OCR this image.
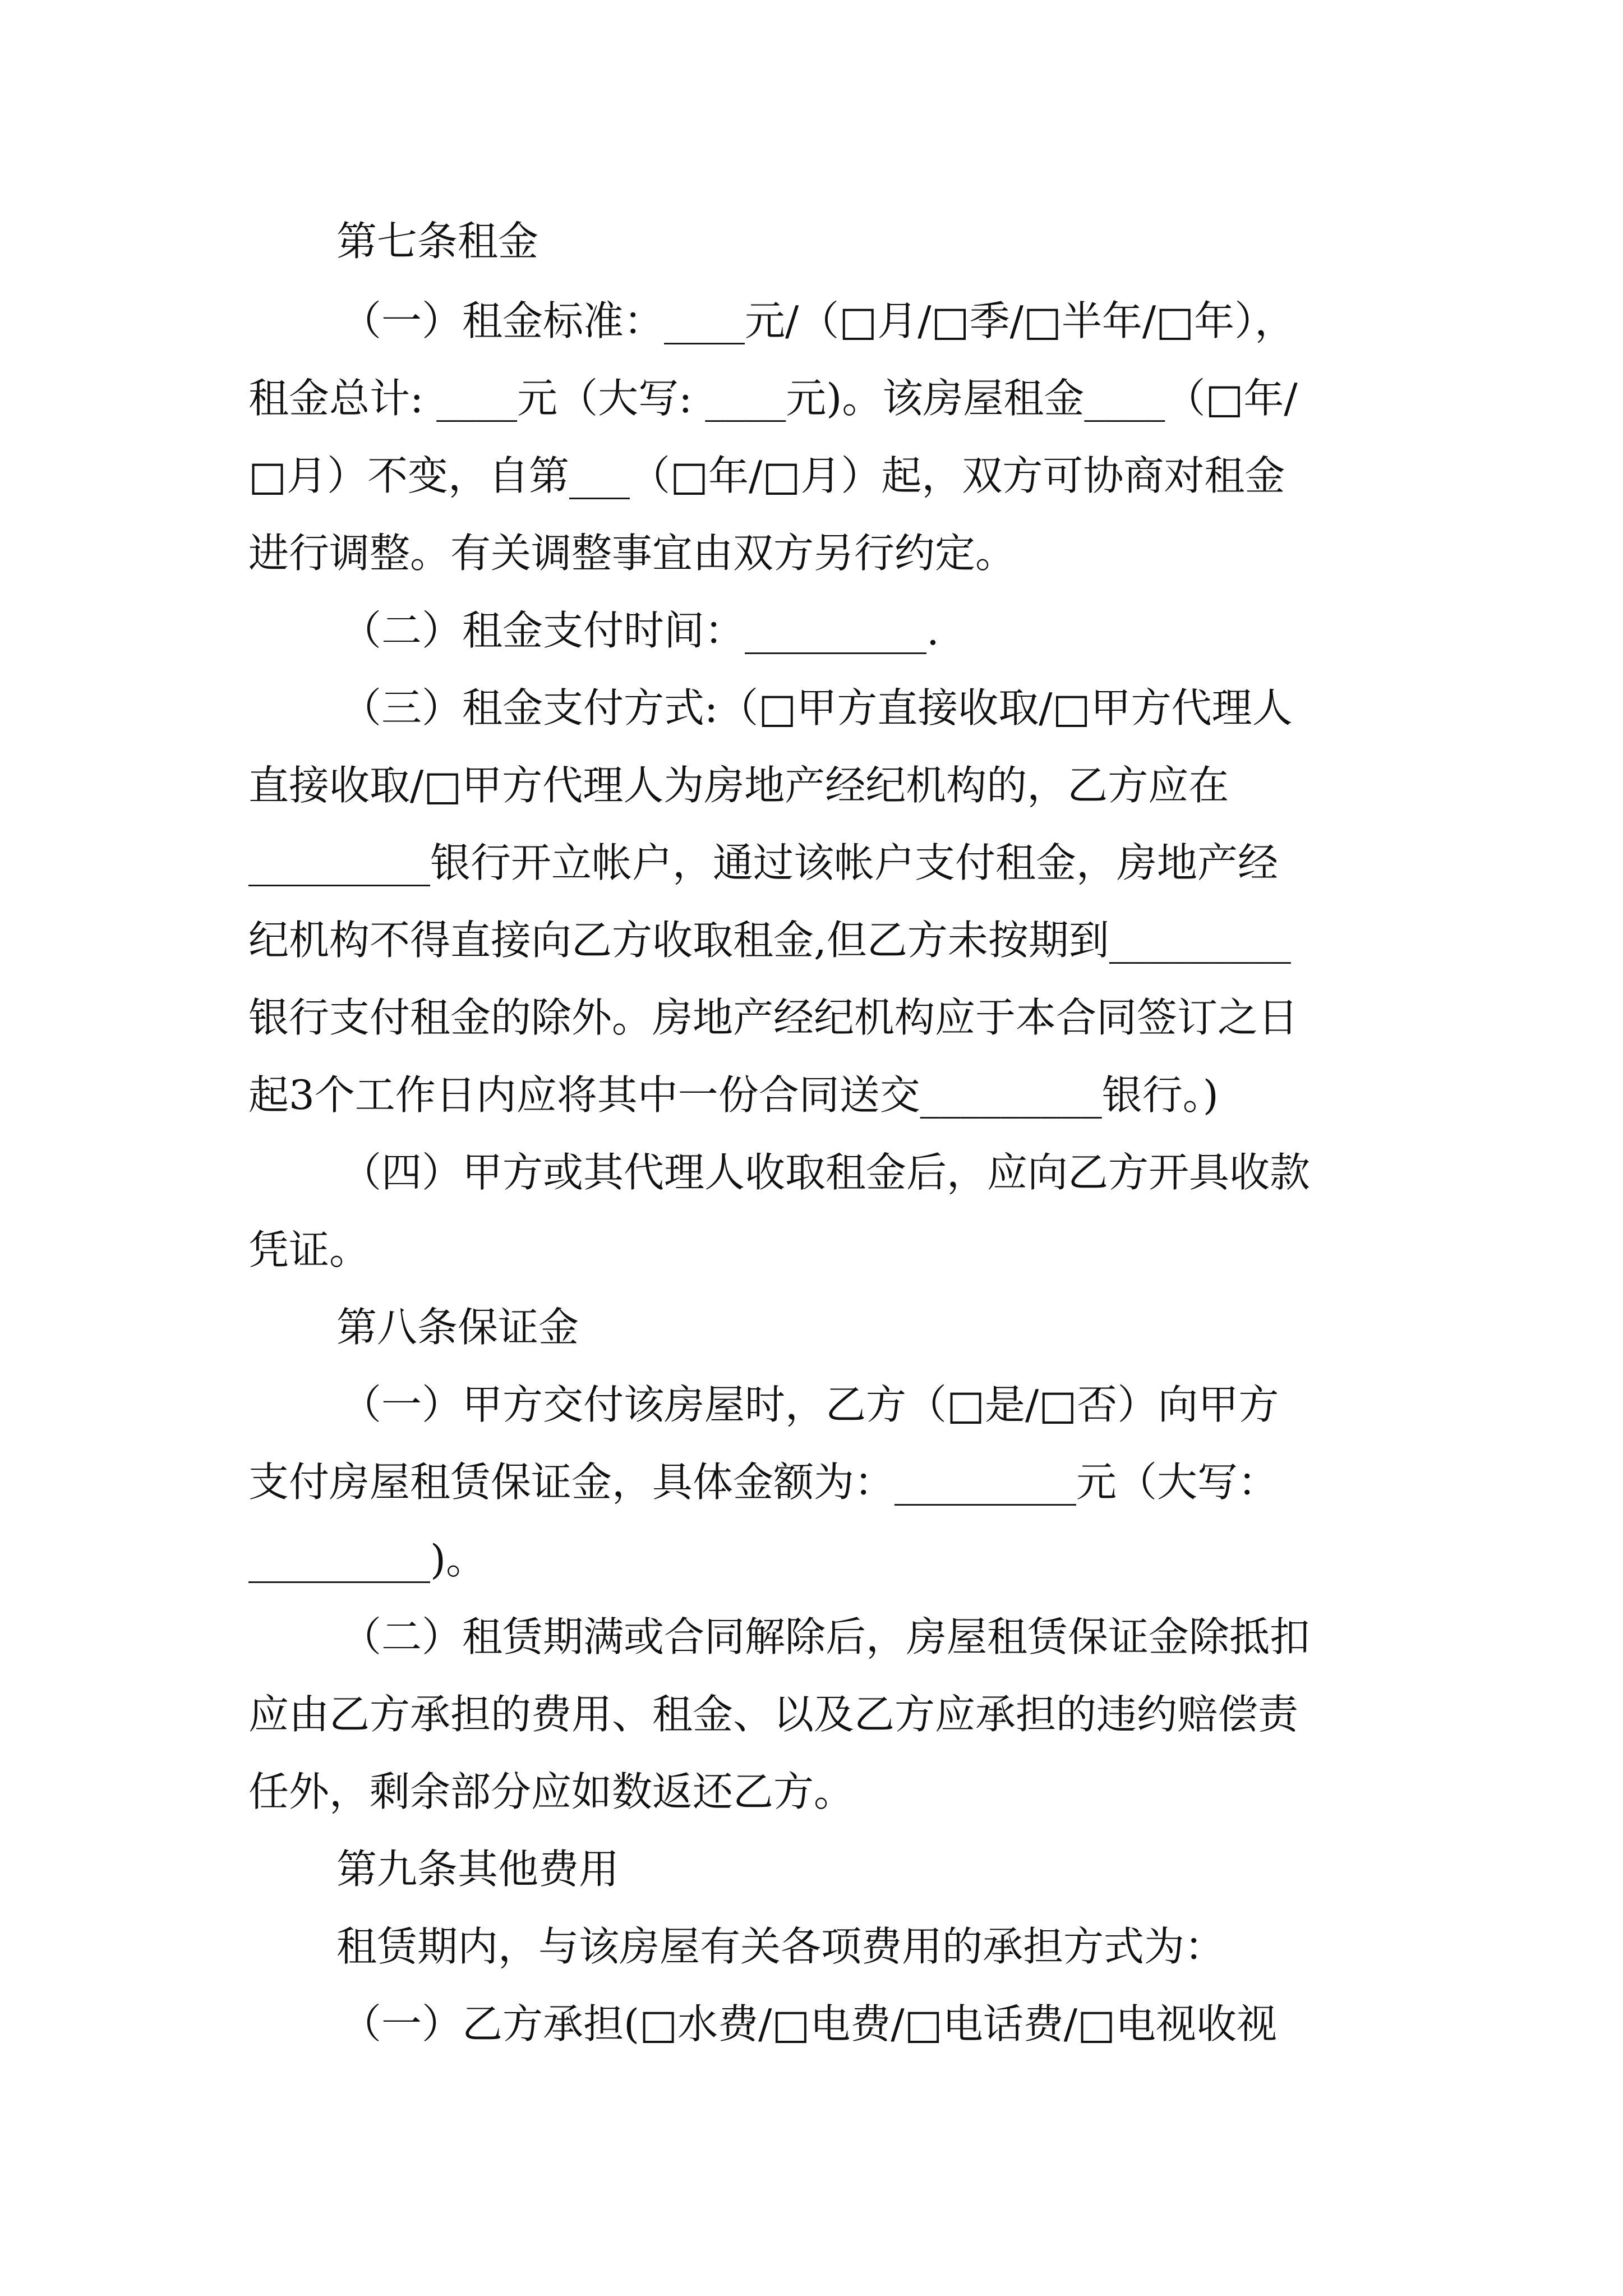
第七条租金

（一）租金标准：____元/（□月/□季/□半年/□年），

租金总计: ____元（大写: ____元)。该房屋租金____（□年/

□月）不变，自第___（□年/□月）起，双方可协商对租金

进行调整。有关调整事宜由双方另行约定。

（二）租金支付时间：_________.

（三）租金支付方式:（□甲方直接收取/□甲方代理人

直接收取/□甲方代理人为房地产经纪机构的，乙方应在

_________银行开立帐户，通过该帐户支付租金，房地产经

纪机构不得直接向乙方收取租金,但乙方未按期到_________

银行支付租金的除外。房地产经纪机构应于本合同签订之日

起3个工作日内应将其中一份合同送交_________银行。)

（四）甲方或其代理人收取租金后，应向乙方开具收款

凭证。

第八条保证金

（一）甲方交付该房屋时，乙方（□是/□否）向甲方

支付房屋租赁保证金，具体金额为：_________元（大写：

_________)。

（二）租赁期满或合同解除后，房屋租赁保证金除抵扣

应由乙方承担的费用、租金、以及乙方应承担的违约赔偿责

任外，剩余部分应如数返还乙方。

第九条其他费用

租赁期内，与该房屋有关各项费用的承担方式为：

（一）乙方承担(□水费/□电费/□电话费/□电视收视
